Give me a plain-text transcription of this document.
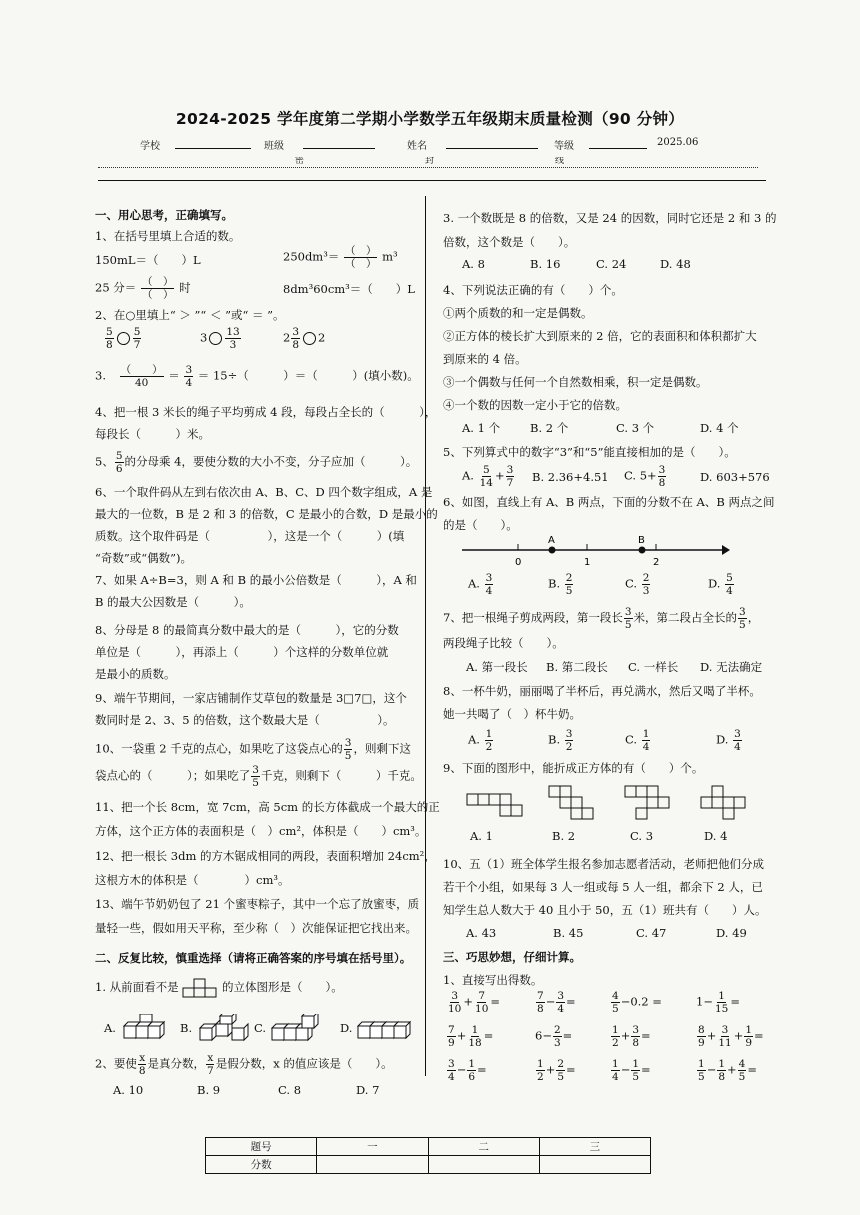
2024-2025 学年度第二学期小学数学五年级期末质量检测（90 分钟）
学校	班级	姓名	等级	2025.06
密	封	线
一、用心思考，正确填写。
1、在括号里填上合适的数。
150mL＝（　　）L	$250dm^3= \frac{( )}{( )} m^3$
25 分＝ $\frac{( )}{( )}$ 时	8dm³60cm³＝（　　）L
2、在○里填上“ ＞ ”“ ＜ ”或“ ＝ ”。
$\frac{5}{8} \frac{5}{7}$	$3 \frac{13}{3}$	$2 \frac{3}{8} 2$
3. $\frac{( )}{40} = \frac{3}{4} = 15\div$（　　　）＝（　　　）(填小数)。
4、把一根 3 米长的绳子平均剪成 4 段，每段占全长的（　　　），
每段长（　　　）米。
5、 $\frac{5}{6}$ 的分母乘 4，要使分数的大小不变，分子应加（　　　）。
6、一个取件码从左到右依次由 A、B、C、D 四个数字组成，A 是
最大的一位数，B 是 2 和 3 的倍数，C 是最小的合数，D 是最小的
质数。这个取件码是（　　　　　），这是一个（　　　）(填
“奇数”或“偶数”)。
7、如果 A÷B=3，则 A 和 B 的最小公倍数是（　　　），A 和
B 的最大公因数是（　　　）。
8、分母是 8 的最简真分数中最大的是（　　　），它的分数
单位是（　　　），再添上（　　　）个这样的分数单位就
是最小的质数。
9、端午节期间，一家店铺制作艾草包的数量是 3□7□，这个
数同时是 2、3、5 的倍数，这个数最大是（　　　　　）。
10、一袋重 2 千克的点心，如果吃了这袋点心的 $\frac{3}{5}$ ，则剩下这
袋点心的（　　　）；如果吃了 $\frac{3}{5}$ 千克，则剩下（　　　）千克。
11、把一个长 8cm，宽 7cm，高 5cm 的长方体截成一个最大的正
方体，这个正方体的表面积是（　）cm²，体积是（　　）cm³。
12、把一根长 3dm 的方木锯成相同的两段，表面积增加 24cm²，
这根方木的体积是（　　　　）cm³。
13、端午节奶奶包了 21 个蜜枣粽子，其中一个忘了放蜜枣，质
量轻一些，假如用天平称，至少称（　）次能保证把它找出来。
二、反复比较，慎重选择（请将正确答案的序号填在括号里）。
1. 从前面看不是	的立体图形是（　　）。
A.	B.	C.	D.
2、要使 $\frac{x}{8}$ 是真分数， $\frac{x}{7}$ 是假分数，x 的值应该是（　　）。
A. 10	B. 9	C. 8	D. 7
3. 一个数既是 8 的倍数，又是 24 的因数，同时它还是 2 和 3 的
倍数，这个数是（　　）。
A. 8	B. 16	C. 24	D. 48
4、下列说法正确的有（　　）个。
①两个质数的和一定是偶数。
②正方体的棱长扩大到原来的 2 倍，它的表面积和体积都扩大
到原来的 4 倍。
③一个偶数与任何一个自然数相乘，积一定是偶数。
④一个数的因数一定小于它的倍数。
A. 1 个	B. 2 个	C. 3 个	D. 4 个
5、下列算式中的数字“3”和“5”能直接相加的是（　　）。
A. $\frac{5}{14} + \frac{3}{7} B$. 2.36+4.51 C. $5+ \frac{3}{8}$	D. 603+576
6、如图，直线上有 A、B 两点，下面的分数不在 A、B 两点之间
的是（　　）。
A	B
0	1	2
A. $\frac{3}{4}$	B. $\frac{2}{5}$	C. $\frac{2}{3}$	D. $\frac{5}{4}$
7、把一根绳子剪成两段，第一段长 $\frac{3}{5}$ 米，第二段占全长的 $\frac{3}{5}$ ，
两段绳子比较（　　）。
A. 第一段长 B. 第二段长 C. 一样长 D. 无法确定
8、一杯牛奶，丽丽喝了半杯后，再兑满水，然后又喝了半杯。
她一共喝了（　）杯牛奶。
A. $\frac{1}{2}$	B. $\frac{3}{2}$	C. $\frac{1}{4}$	D. $\frac{3}{4}$
9、下面的图形中，能折成正方体的有（　　）个。
A. 1	B. 2	C. 3	D. 4
10、五（1）班全体学生报名参加志愿者活动，老师把他们分成
若干个小组，如果每 3 人一组或每 5 人一组，都余下 2 人，已
知学生总人数大于 40 且小于 50，五（1）班共有（　　）人。
A. 43	B. 45	C. 47	D. 49
三、巧思妙想，仔细计算。
1、直接写出得数。
$\frac{3}{10} + \frac{7}{10}$ =	$\frac{7}{8} - \frac{3}{4}$ =	$\frac{4}{5} -0.2$ =	$1- \frac{1}{15}$ =
$\frac{7}{9} + \frac{1}{18}$ =	$6- \frac{2}{3}$ =	$\frac{1}{2} + \frac{3}{8}$ =	$\frac{8}{9} + \frac{3}{11} + \frac{1}{9}$ =
$\frac{3}{4} - \frac{1}{6}$ =	$\frac{1}{2} + \frac{2}{5}$ =	$\frac{1}{4} - \frac{1}{5}$ =	$\frac{1}{5} - \frac{1}{8} + \frac{4}{5}$ =
题号	一	二	三
分数			
